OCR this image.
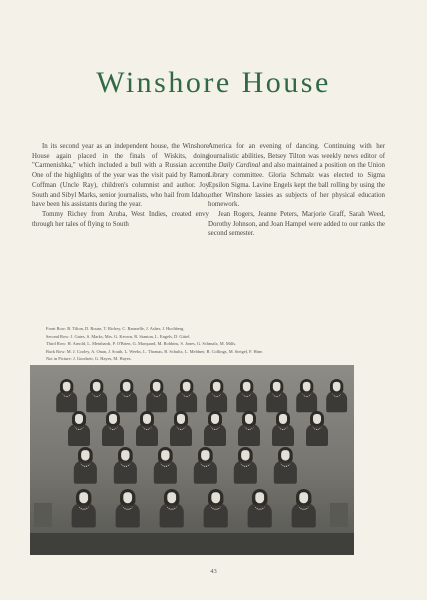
Winshore House

In its second year as an independent house, the Winshore House again placed in the finals of Wiskits, doing "Carmenishka," which included a bull with a Russian accent. One of the highlights of the year was the visit paid by Ramon Coffman (Uncle Ray), children's columnist and author. Joy South and Sibyl Marks, senior journalists, who hail from Idaho, have been his assistants during the year.

Tommy Richey from Aruba, West Indies, created envy through her tales of flying to South

America for an evening of dancing. Continuing with her journalistic abilities, Betsey Tilton was weekly news editor of the Daily Cardinal and also maintained a position on the Union Library committee. Gloria Schmalz was elected to Sigma Epsilon Sigma. Lavine Engels kept the ball rolling by using the other Winshore lassies as subjects of her physical education homework.

Jean Rogers, Jeanne Peters, Marjorie Graff, Sarah Weed, Dorothy Johnson, and Joan Hampel were added to our ranks the second semester.

Front Row: B. Tilton, D. Rouse, T. Richey, C. Rasmelle, J. Asher, J. Hochberg.
Second Row: J. Gates, S. Marks, Mrs. G. Keown, R. Stanton, L. Engels, D. Gittel.
Third Row: H. Arnold, L. Meinhardt, P. O'Brien, G. Marquard, M. Robbins, S. Jones, G. Schmalz, M. Mills.
Back Row: M. J. Cooley, A. Onan, J. South, L. Weeks, L. Thomas, B. Schultz, L. Meldner, B. Collings, M. Steigel, F. Hine.
Not in Picture: J. Goodsett, G. Hayes, M. Hayes.
43
